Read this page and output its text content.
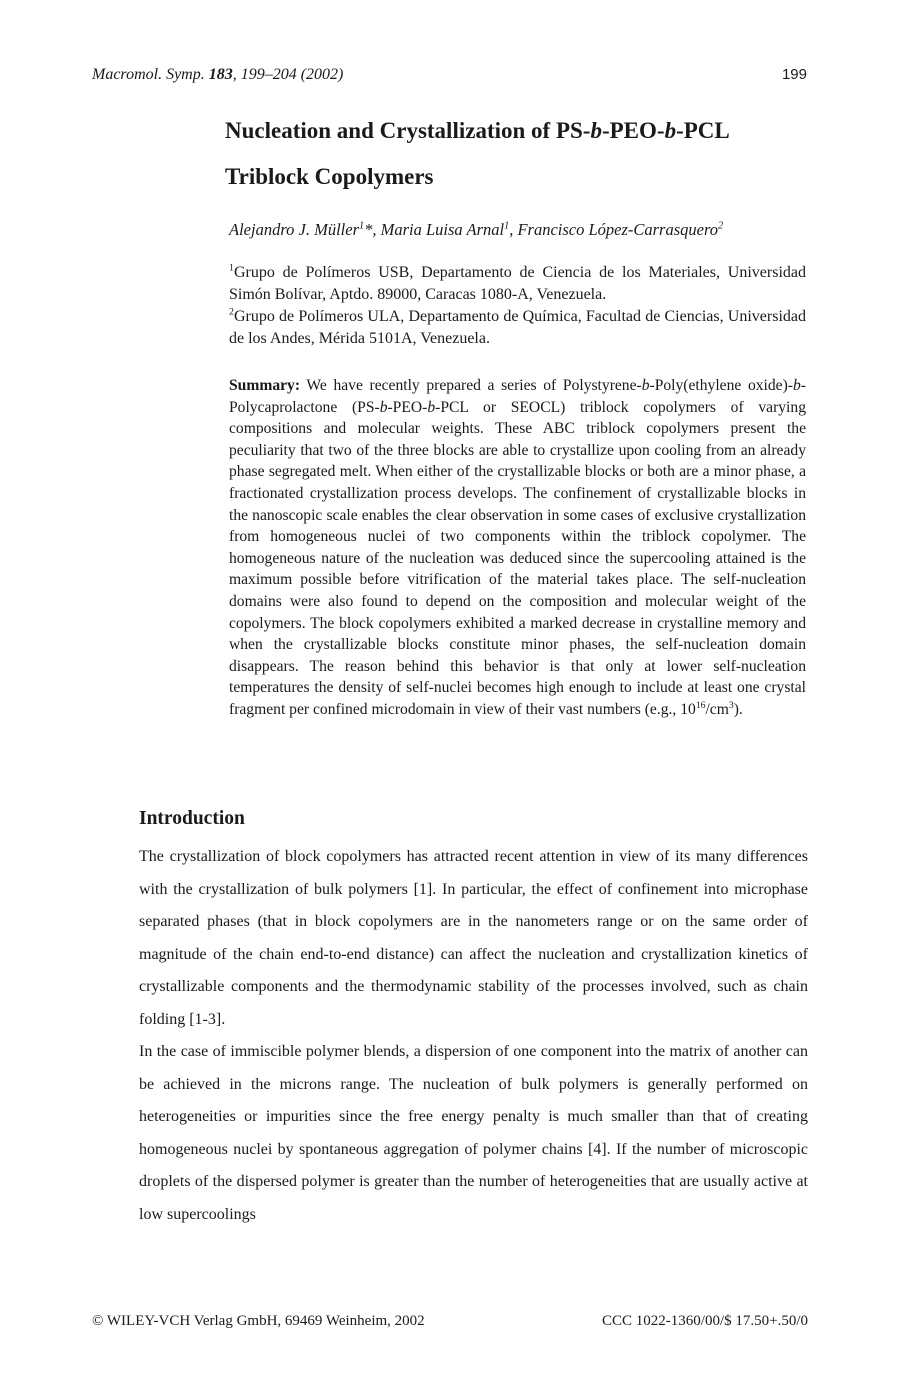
Macromol. Symp. 183, 199–204 (2002)	199
Nucleation and Crystallization of PS-b-PEO-b-PCL
Triblock Copolymers
Alejandro J. Müller$^1$*, Maria Luisa Arnal$^1$, Francisco López-Carrasquero$^2$
$^1$Grupo de Polímeros USB, Departamento de Ciencia de los Materiales, Universidad Simón Bolívar, Aptdo. 89000, Caracas 1080-A, Venezuela.
$^2$Grupo de Polímeros ULA, Departamento de Química, Facultad de Ciencias, Universidad de los Andes, Mérida 5101A, Venezuela.
Summary: We have recently prepared a series of Polystyrene-b-Poly(ethylene oxide)-b-Polycaprolactone (PS-b-PEO-b-PCL or SEOCL) triblock copolymers of varying compositions and molecular weights. These ABC triblock copolymers present the peculiarity that two of the three blocks are able to crystallize upon cooling from an already phase segregated melt. When either of the crystallizable blocks or both are a minor phase, a fractionated crystallization process develops. The confinement of crystallizable blocks in the nanoscopic scale enables the clear observation in some cases of exclusive crystallization from homogeneous nuclei of two components within the triblock copolymer. The homogeneous nature of the nucleation was deduced since the supercooling attained is the maximum possible before vitrification of the material takes place. The self-nucleation domains were also found to depend on the composition and molecular weight of the copolymers. The block copolymers exhibited a marked decrease in crystalline memory and when the crystallizable blocks constitute minor phases, the self-nucleation domain disappears. The reason behind this behavior is that only at lower self-nucleation temperatures the density of self-nuclei becomes high enough to include at least one crystal fragment per confined microdomain in view of their vast numbers (e.g., $10^{16}/cm^3$).
Introduction
The crystallization of block copolymers has attracted recent attention in view of its many differences with the crystallization of bulk polymers [1]. In particular, the effect of confinement into microphase separated phases (that in block copolymers are in the nanometers range or on the same order of magnitude of the chain end-to-end distance) can affect the nucleation and crystallization kinetics of crystallizable components and the thermodynamic stability of the processes involved, such as chain folding [1-3].
In the case of immiscible polymer blends, a dispersion of one component into the matrix of another can be achieved in the microns range. The nucleation of bulk polymers is generally performed on heterogeneities or impurities since the free energy penalty is much smaller than that of creating homogeneous nuclei by spontaneous aggregation of polymer chains [4]. If the number of microscopic droplets of the dispersed polymer is greater than the number of heterogeneities that are usually active at low supercoolings
© WILEY-VCH Verlag GmbH, 69469 Weinheim, 2002	CCC 1022-1360/00/$ 17.50+.50/0
